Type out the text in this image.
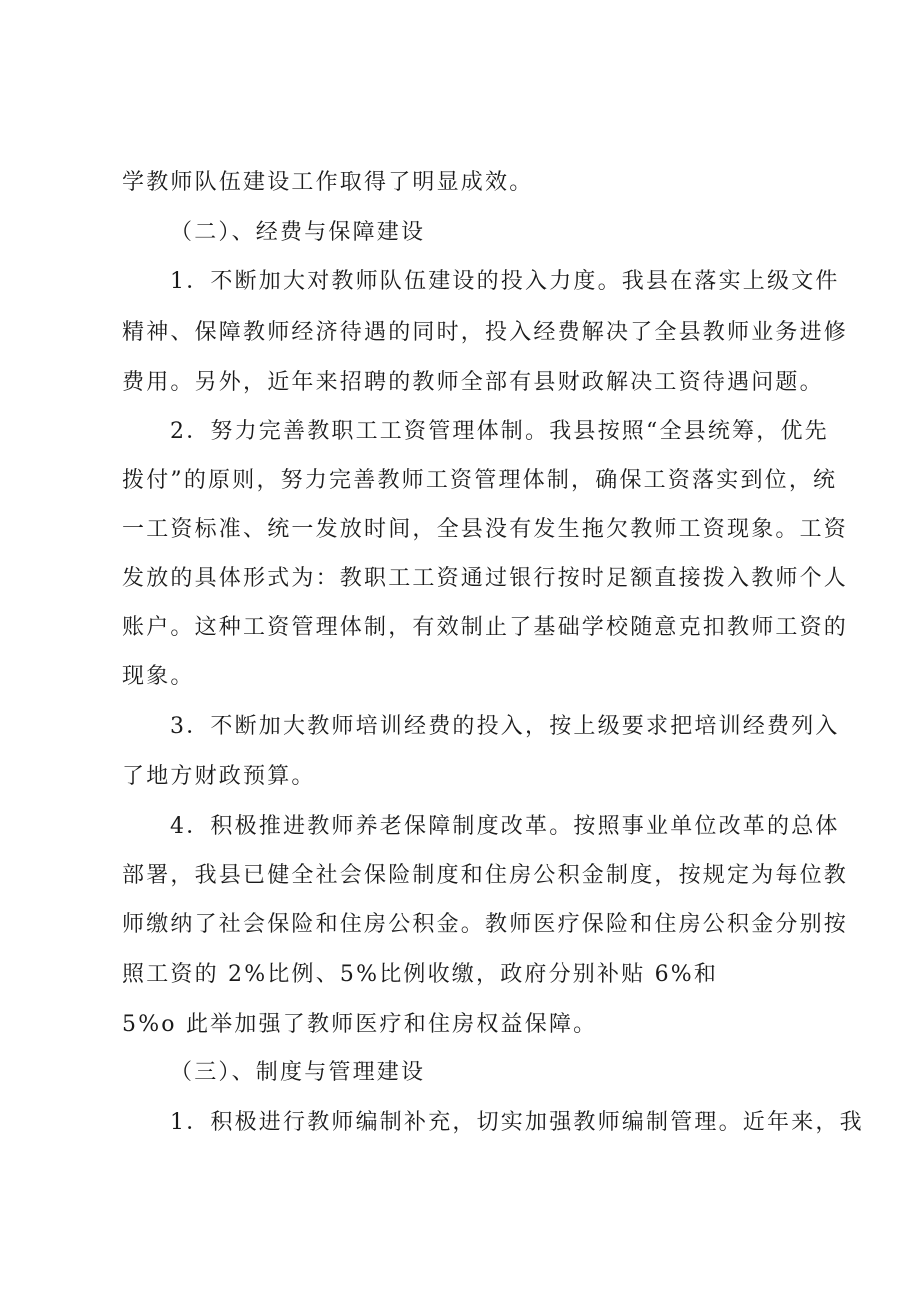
学教师队伍建设工作取得了明显成效。
（二）、经费与保障建设
1．不断加大对教师队伍建设的投入力度。我县在落实上级文件
精神、保障教师经济待遇的同时，投入经费解决了全县教师业务进修
费用。另外，近年来招聘的教师全部有县财政解决工资待遇问题。
2．努力完善教职工工资管理体制。我县按照“全县统筹，优先
拨付”的原则，努力完善教师工资管理体制，确保工资落实到位，统
一工资标准、统一发放时间，全县没有发生拖欠教师工资现象。工资
发放的具体形式为：教职工工资通过银行按时足额直接拨入教师个人
账户。这种工资管理体制，有效制止了基础学校随意克扣教师工资的
现象。
3．不断加大教师培训经费的投入，按上级要求把培训经费列入
了地方财政预算。
4．积极推进教师养老保障制度改革。按照事业单位改革的总体
部署，我县已健全社会保险制度和住房公积金制度，按规定为每位教
师缴纳了社会保险和住房公积金。教师医疗保险和住房公积金分别按
照工资的 2%比例、5%比例收缴，政府分别补贴 6%和
5%o 此举加强了教师医疗和住房权益保障。
（三）、制度与管理建设
1．积极进行教师编制补充，切实加强教师编制管理。近年来，我
